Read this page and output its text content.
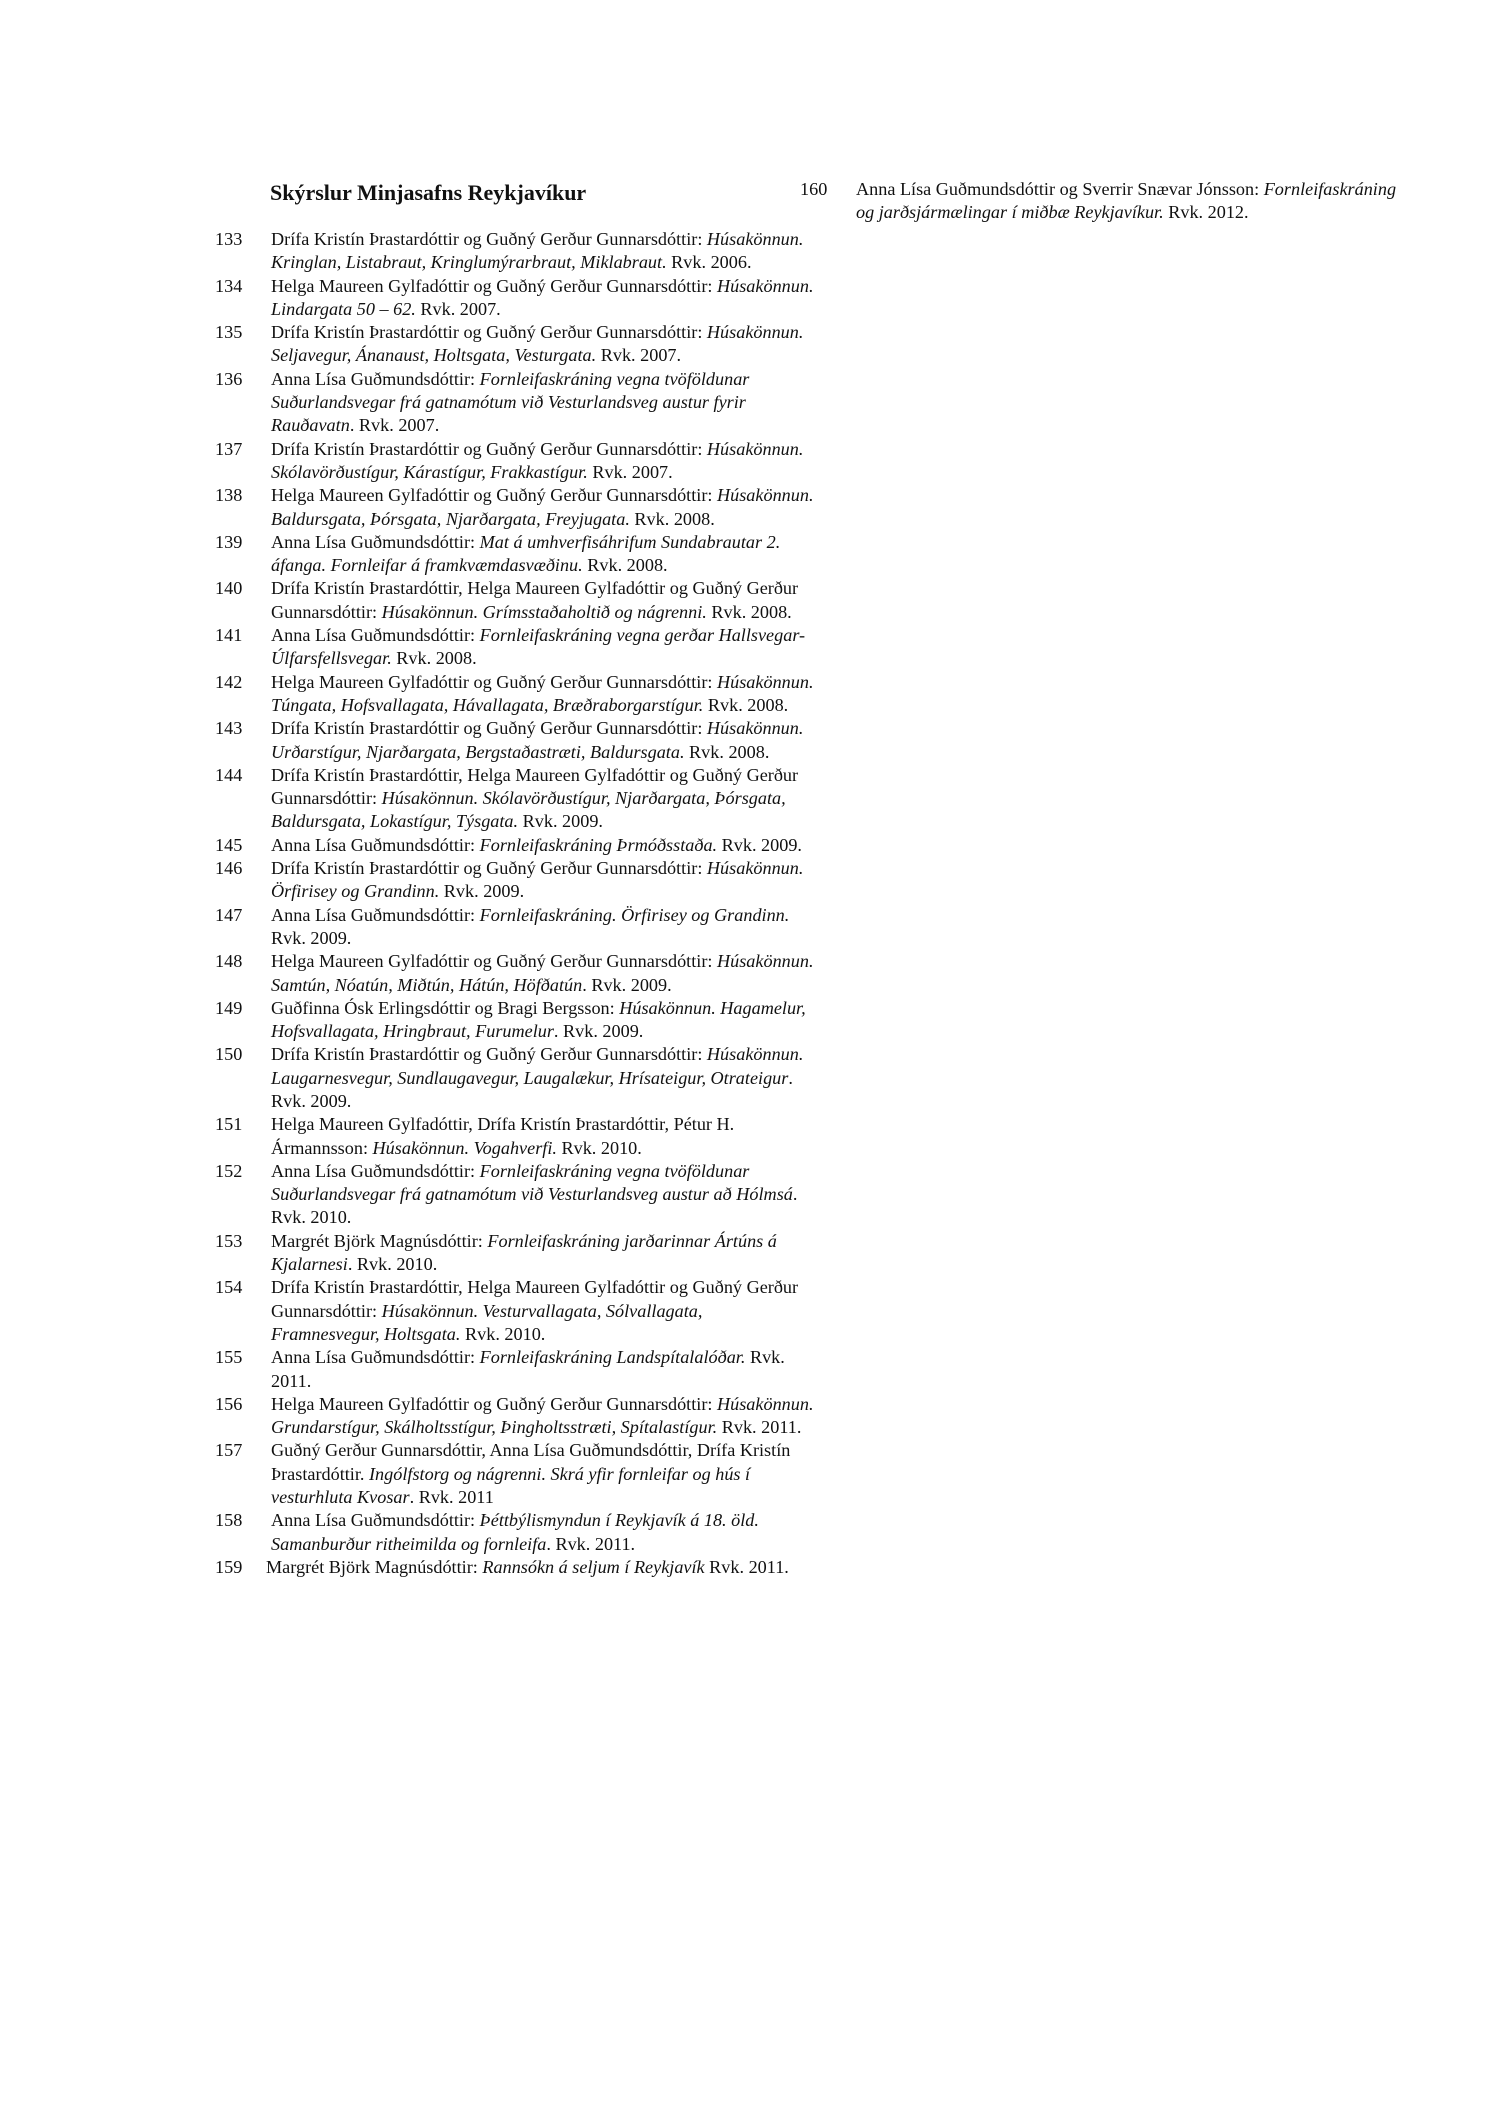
Skýrslur Minjasafns Reykjavíkur
133 Drífa Kristín Þrastardóttir og Guðný Gerður Gunnarsdóttir: Húsakönnun. Kringlan, Listabraut, Kringlumýrarbraut, Miklabraut. Rvk. 2006.
134 Helga Maureen Gylfadóttir og Guðný Gerður Gunnarsdóttir: Húsakönnun. Lindargata 50 – 62. Rvk. 2007.
135 Drífa Kristín Þrastardóttir og Guðný Gerður Gunnarsdóttir: Húsakönnun. Seljavegur, Ánanaust, Holtsgata, Vesturgata. Rvk. 2007.
136 Anna Lísa Guðmundsdóttir: Fornleifaskráning vegna tvöföldunar Suðurlandsvegar frá gatnamótum við Vesturlandsveg austur fyrir Rauðavatn. Rvk. 2007.
137 Drífa Kristín Þrastardóttir og Guðný Gerður Gunnarsdóttir: Húsakönnun. Skólavörðustígur, Kárastígur, Frakkastígur. Rvk. 2007.
138 Helga Maureen Gylfadóttir og Guðný Gerður Gunnarsdóttir: Húsakönnun. Baldursgata, Þórsgata, Njarðargata, Freyjugata. Rvk. 2008.
139 Anna Lísa Guðmundsdóttir: Mat á umhverfisáhrifum Sundabrautar 2. áfanga. Fornleifar á framkvæmdasvæðinu. Rvk. 2008.
140 Drífa Kristín Þrastardóttir, Helga Maureen Gylfadóttir og Guðný Gerður Gunnarsdóttir: Húsakönnun. Grímsstaðaholtið og nágrenni. Rvk. 2008.
141 Anna Lísa Guðmundsdóttir: Fornleifaskráning vegna gerðar Hallsvegar-Úlfarsfellsvegar. Rvk. 2008.
142 Helga Maureen Gylfadóttir og Guðný Gerður Gunnarsdóttir: Húsakönnun. Túngata, Hofsvallagata, Hávallagata, Bræðraborgarstígur. Rvk. 2008.
143 Drífa Kristín Þrastardóttir og Guðný Gerður Gunnarsdóttir: Húsakönnun. Urðarstígur, Njarðargata, Bergstaðastræti, Baldursgata. Rvk. 2008.
144 Drífa Kristín Þrastardóttir, Helga Maureen Gylfadóttir og Guðný Gerður Gunnarsdóttir: Húsakönnun. Skólavörðustígur, Njarðargata, Þórsgata, Baldursgata, Lokastígur, Týsgata. Rvk. 2009.
145 Anna Lísa Guðmundsdóttir: Fornleifaskráning Þrmóðsstaða. Rvk. 2009.
146 Drífa Kristín Þrastardóttir og Guðný Gerður Gunnarsdóttir: Húsakönnun. Örfirisey og Grandinn. Rvk. 2009.
147 Anna Lísa Guðmundsdóttir: Fornleifaskráning. Örfirisey og Grandinn. Rvk. 2009.
148 Helga Maureen Gylfadóttir og Guðný Gerður Gunnarsdóttir: Húsakönnun. Samtún, Nóatún, Miðtún, Hátún, Höfðatún. Rvk. 2009.
149 Guðfinna Ósk Erlingsdóttir og Bragi Bergsson: Húsakönnun. Hagamelur, Hofsvallagata, Hringbraut, Furumelur. Rvk. 2009.
150 Drífa Kristín Þrastardóttir og Guðný Gerður Gunnarsdóttir: Húsakönnun. Laugarnesvegur, Sundlaugavegur, Laugalækur, Hrísateigur, Otrateigur. Rvk. 2009.
151 Helga Maureen Gylfadóttir, Drífa Kristín Þrastardóttir, Pétur H. Ármannsson: Húsakönnun. Vogahverfi. Rvk. 2010.
152 Anna Lísa Guðmundsdóttir: Fornleifaskráning vegna tvöföldunar Suðurlandsvegar frá gatnamótum við Vesturlandsveg austur að Hólmsá. Rvk. 2010.
153 Margrét Björk Magnúsdóttir: Fornleifaskráning jarðarinnar Ártúns á Kjalarnesi. Rvk. 2010.
154 Drífa Kristín Þrastardóttir, Helga Maureen Gylfadóttir og Guðný Gerður Gunnarsdóttir: Húsakönnun. Vesturvallagata, Sólvallagata, Framnesvegur, Holtsgata. Rvk. 2010.
155 Anna Lísa Guðmundsdóttir: Fornleifaskráning Landspítalalóðar. Rvk. 2011.
156 Helga Maureen Gylfadóttir og Guðný Gerður Gunnarsdóttir: Húsakönnun. Grundarstígur, Skálholtsstígur, Þingholtsstræti, Spítalastígur. Rvk. 2011.
157 Guðný Gerður Gunnarsdóttir, Anna Lísa Guðmundsdóttir, Drífa Kristín Þrastardóttir. Ingólfstorg og nágrenni. Skrá yfir fornleifar og hús í vesturhluta Kvosar. Rvk. 2011
158 Anna Lísa Guðmundsdóttir: Þéttbýlismyndun í Reykjavík á 18. öld. Samanburður ritheimilda og fornleifa. Rvk. 2011.
159 Margrét Björk Magnúsdóttir: Rannsókn á seljum í Reykjavík Rvk. 2011.
160 Anna Lísa Guðmundsdóttir og Sverrir Snævar Jónsson: Fornleifaskráning og jarðsjármælingar í miðbæ Reykjavíkur. Rvk. 2012.
